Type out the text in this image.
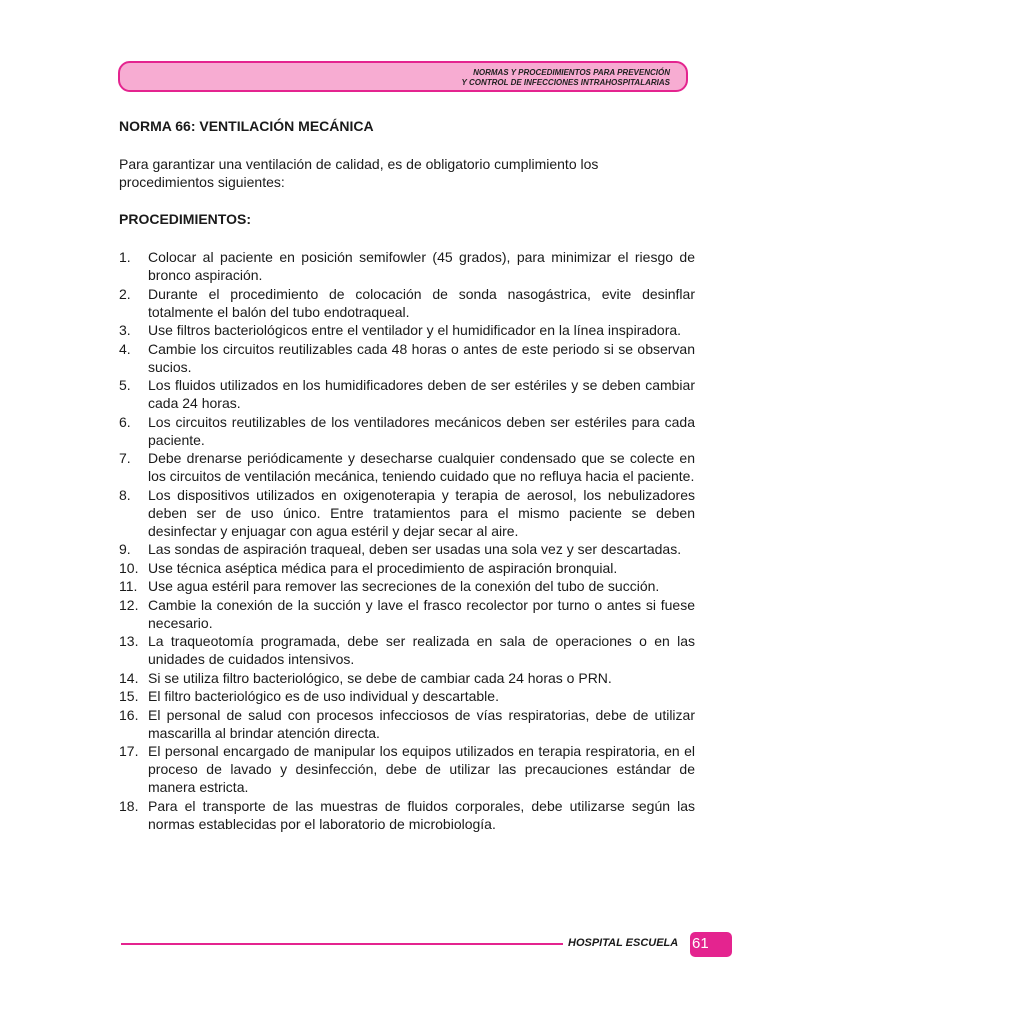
NORMAS Y PROCEDIMIENTOS PARA PREVENCIÓN
Y CONTROL DE INFECCIONES INTRAHOSPITALARIAS
NORMA 66: VENTILACIÓN MECÁNICA

Para garantizar una ventilación de calidad, es de obligatorio cumplimiento los procedimientos siguientes:

PROCEDIMIENTOS:
1.	Colocar al paciente en posición semifowler (45 grados), para minimizar el riesgo de bronco aspiración.
2.	Durante el procedimiento de colocación de sonda nasogástrica, evite desinflar totalmente el balón del tubo endotraqueal.
3.	Use filtros bacteriológicos entre el ventilador y el humidificador en la línea inspiradora.
4.	Cambie los circuitos reutilizables cada 48 horas o antes de este periodo si se observan sucios.
5.	Los fluidos utilizados en los humidificadores deben de ser estériles y se deben cambiar cada 24 horas.
6.	Los circuitos reutilizables de los ventiladores mecánicos deben ser estériles para cada paciente.
7.	Debe drenarse periódicamente y desecharse cualquier condensado que se colecte en los circuitos de ventilación mecánica, teniendo cuidado que no refluya hacia el paciente.
8.	Los dispositivos utilizados en oxigenoterapia y terapia de aerosol, los nebulizadores deben ser de uso único. Entre tratamientos para el mismo paciente se deben desinfectar y enjuagar con agua estéril y dejar secar al aire.
9.	Las sondas de aspiración traqueal, deben ser usadas una sola vez y ser descartadas.
10. Use técnica aséptica médica para el procedimiento de aspiración bronquial.
11. Use agua estéril para remover las secreciones de la conexión del tubo de succión.
12. Cambie la conexión de la succión y lave el frasco recolector por turno o antes si fuese necesario.
13. La traqueotomía programada, debe ser realizada en sala de operaciones o en las unidades de cuidados intensivos.
14. Si se utiliza filtro bacteriológico, se debe de cambiar cada 24 horas o PRN.
15. El filtro bacteriológico es de uso individual y descartable.
16. El personal de salud con procesos infecciosos de vías respiratorias, debe de utilizar mascarilla al brindar atención directa.
17. El personal encargado de manipular los equipos utilizados en terapia respiratoria, en el proceso de lavado y desinfección, debe de utilizar las precauciones estándar de manera estricta.
18. Para el transporte de las muestras de fluidos corporales, debe utilizarse según las normas establecidas por el laboratorio de microbiología.
HOSPITAL ESCUELA 61
